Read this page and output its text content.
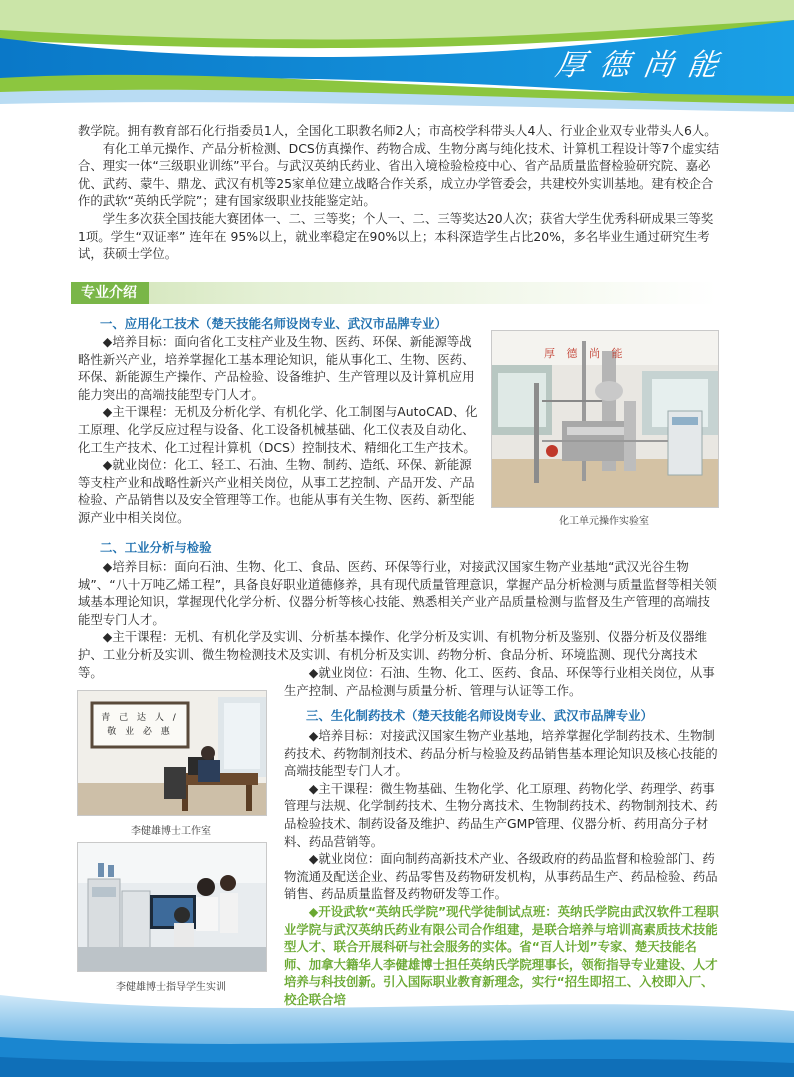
厚德尚能

教学院。拥有教育部石化行指委员1人，全国化工职教名师2人；市高校学科带头人4人、行业企业双专业带头人6人。

有化工单元操作、产品分析检测、DCS仿真操作、药物合成、生物分离与纯化技术、计算机工程设计等7个虚实结合、理实一体“三级职业训练”平台。与武汉英纳氏药业、省出入境检验检疫中心、省产品质量监督检验研究院、嘉必优、武药、蒙牛、鼎龙、武汉有机等25家单位建立战略合作关系，成立办学管委会，共建校外实训基地。建有校企合作的武软“英纳氏学院”；建有国家级职业技能鉴定站。

学生多次获全国技能大赛团体一、二、三等奖；个人一、二、三等奖达20人次；获省大学生优秀科研成果三等奖1项。学生“双证率” 连年在 95%以上，就业率稳定在90%以上；本科深造学生占比20%，多名毕业生通过研究生考试，获硕士学位。

专业介绍
一、应用化工技术（楚天技能名师设岗专业、武汉市品牌专业）

◆培养目标：面向省化工支柱产业及生物、医药、环保、新能源等战略性新兴产业，培养掌握化工基本理论知识，能从事化工、生物、医药、环保、新能源生产操作、产品检验、设备维护、生产管理以及计算机应用能力突出的高端技能型专门人才。

◆主干课程：无机及分析化学、有机化学、化工制图与AutoCAD、化工原理、化学反应过程与设备、化工设备机械基础、化工仪表及自动化、化工生产技术、化工过程计算机（DCS）控制技术、精细化工生产技术。

◆就业岗位：化工、轻工、石油、生物、制药、造纸、环保、新能源等支柱产业和战略性新兴产业相关岗位，从事工艺控制、产品开发、产品检验、产品销售以及安全管理等工作。也能从事有关生物、医药、新型能源产业中相关岗位。

厚 德 尚 能
化工单元操作实验室
二、工业分析与检验

◆培养目标：面向石油、生物、化工、食品、医药、环保等行业，对接武汉国家生物产业基地“武汉光谷生物城”、“八十万吨乙烯工程”，具备良好职业道德修养，具有现代质量管理意识，掌握产品分析检测与质量监督等相关领域基本理论知识，掌握现代化学分析、仪器分析等核心技能、熟悉相关产业产品质量检测与监督及生产管理的高端技能型专门人才。

◆主干课程：无机、有机化学及实训、分析基本操作、化学分析及实训、有机物分析及鉴别、仪器分析及仪器维护、工业分析及实训、微生物检测技术及实训、有机分析及实训、药物分析、食品分析、环境监测、现代分离技术等。	◆就业岗位：石油、生物、化工、医药、食品、环保等行业相关岗位，从事生产控制、产品检测与质量分析、管理与认证等工作。

青 己 达 人 / 敬 业 必 惠
李健雄博士工作室
三、生化制药技术（楚天技能名师设岗专业、武汉市品牌专业）

◆培养目标：对接武汉国家生物产业基地，培养掌握化学制药技术、生物制药技术、药物制剂技术、药品分析与检验及药品销售基本理论知识及核心技能的高端技能型专门人才。

◆主干课程：微生物基础、生物化学、化工原理、药物化学、药理学、药事管理与法规、化学制药技术、生物分离技术、生物制药技术、药物制剂技术、药品检验技术、制药设备及维护、药品生产GMP管理、仪器分析、药用高分子材料、药品营销等。

◆就业岗位：面向制药高新技术产业、各级政府的药品监督和检验部门、药物流通及配送企业、药品零售及药物研发机构，从事药品生产、药品检验、药品销售、药品质量监督及药物研发等工作。

◆开设武软“英纳氏学院”现代学徒制试点班：英纳氏学院由武汉软件工程职业学院与武汉英纳氏药业有限公司合作组建，是联合培养与培训高素质技术技能型人才、联合开展科研与社会服务的实体。省“百人计划”专家、楚天技能名师、加拿大籍华人李健雄博士担任英纳氏学院理事长，领衔指导专业建设、人才培养与科技创新。引入国际职业教育新理念，实行“招生即招工、入校即入厂、校企联合培

李健雄博士指导学生实训
